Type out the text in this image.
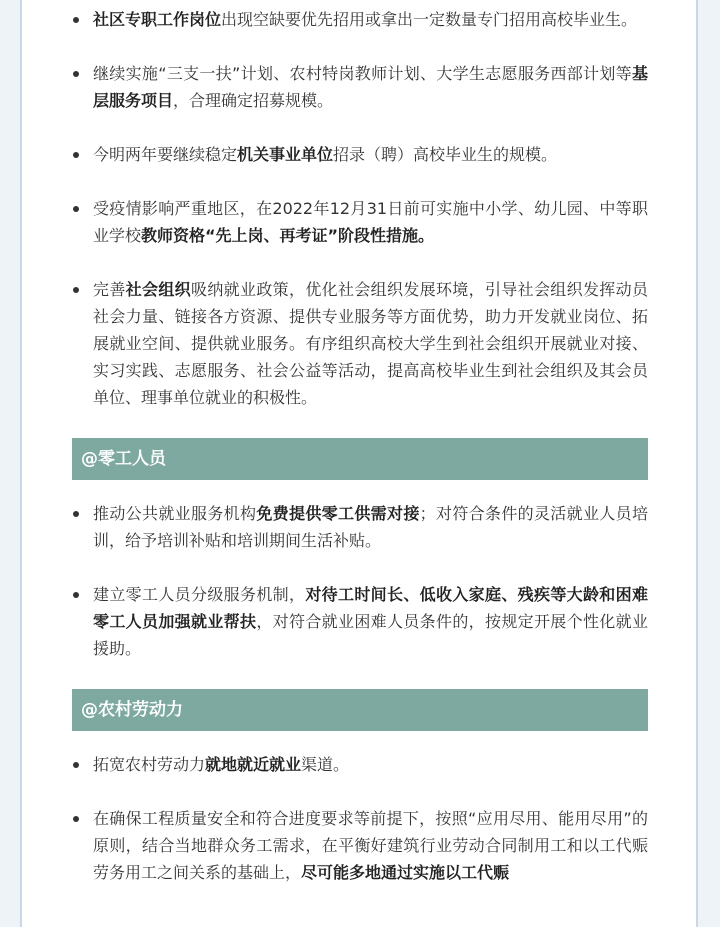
社区专职工作岗位出现空缺要优先招用或拿出一定数量专门招用高校毕业生。
继续实施“三支一扶”计划、农村特岗教师计划、大学生志愿服务西部计划等基层服务项目，合理确定招募规模。
今明两年要继续稳定机关事业单位招录（聘）高校毕业生的规模。
受疫情影响严重地区，在2022年12月31日前可实施中小学、幼儿园、中等职业学校教师资格“先上岗、再考证”阶段性措施。
完善社会组织吸纳就业政策，优化社会组织发展环境，引导社会组织发挥动员社会力量、链接各方资源、提供专业服务等方面优势，助力开发就业岗位、拓展就业空间、提供就业服务。有序组织高校大学生到社会组织开展就业对接、实习实践、志愿服务、社会公益等活动，提高高校毕业生到社会组织及其会员单位、理事单位就业的积极性。
@零工人员
推动公共就业服务机构免费提供零工供需对接；对符合条件的灵活就业人员培训，给予培训补贴和培训期间生活补贴。
建立零工人员分级服务机制，对待工时间长、低收入家庭、残疾等大龄和困难零工人员加强就业帮扶，对符合就业困难人员条件的，按规定开展个性化就业援助。
@农村劳动力
拓宽农村劳动力就地就近就业渠道。
在确保工程质量安全和符合进度要求等前提下，按照“应用尽用、能用尽用”的原则，结合当地群众务工需求，在平衡好建筑行业劳动合同制用工和以工代赈劳务用工之间关系的基础上，尽可能多地通过实施以工代赈
